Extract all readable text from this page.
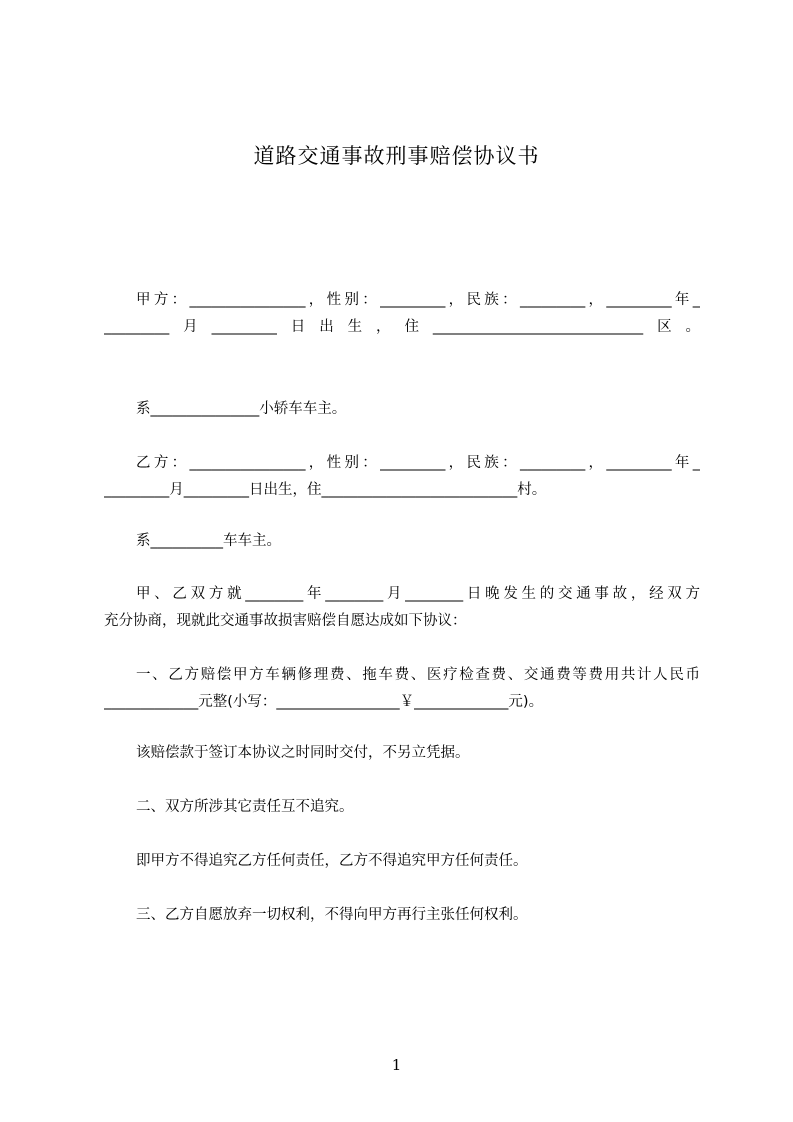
道路交通事故刑事赔偿协议书
甲方：________________，性别：_________，民族：_________，_________年_
_________月_________日出生，住_____________________________区。
系_______________小轿车车主。
乙方：________________，性别：_________，民族：_________，_________年_
_________月_________日出生，住___________________________村。
系__________车车主。
甲、乙双方就________年________月________日晚发生的交通事故，经双方
充分协商，现就此交通事故损害赔偿自愿达成如下协议：
一、乙方赔偿甲方车辆修理费、拖车费、医疗检查费、交通费等费用共计人民币
_____________元整(小写：_________________￥_____________元)。
该赔偿款于签订本协议之时同时交付，不另立凭据。
二、双方所涉其它责任互不追究。
即甲方不得追究乙方任何责任，乙方不得追究甲方任何责任。
三、乙方自愿放弃一切权利，不得向甲方再行主张任何权利。
1
